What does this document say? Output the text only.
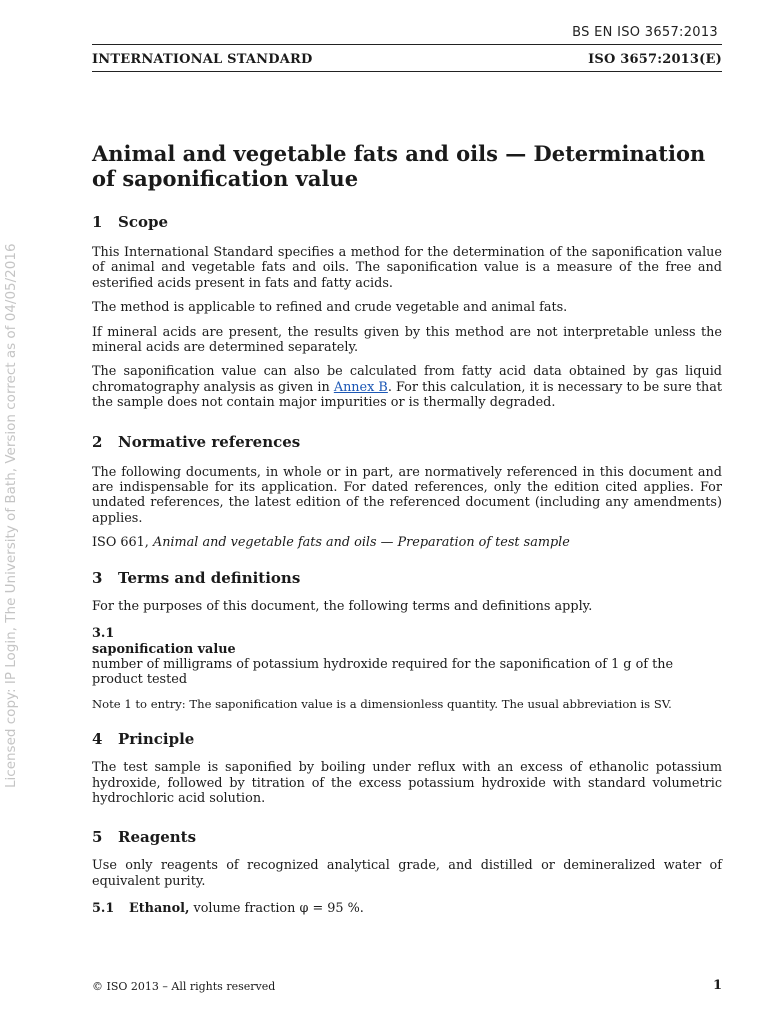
BS EN ISO 3657:2013
INTERNATIONAL STANDARD	ISO 3657:2013(E)
Animal and vegetable fats and oils — Determination of saponification value
1 Scope

This International Standard specifies a method for the determination of the saponification value of animal and vegetable fats and oils. The saponification value is a measure of the free and esterified acids present in fats and fatty acids.

The method is applicable to refined and crude vegetable and animal fats.

If mineral acids are present, the results given by this method are not interpretable unless the mineral acids are determined separately.

The saponification value can also be calculated from fatty acid data obtained by gas liquid chromatography analysis as given in Annex B. For this calculation, it is necessary to be sure that the sample does not contain major impurities or is thermally degraded.

2 Normative references

The following documents, in whole or in part, are normatively referenced in this document and are indispensable for its application. For dated references, only the edition cited applies. For undated references, the latest edition of the referenced document (including any amendments) applies.

ISO 661, Animal and vegetable fats and oils — Preparation of test sample

3 Terms and definitions

For the purposes of this document, the following terms and definitions apply.

3.1
saponification value
number of milligrams of potassium hydroxide required for the saponification of 1 g of the product tested

Note 1 to entry: The saponification value is a dimensionless quantity. The usual abbreviation is SV.

4 Principle

The test sample is saponified by boiling under reflux with an excess of ethanolic potassium hydroxide, followed by titration of the excess potassium hydroxide with standard volumetric hydrochloric acid solution.

5 Reagents

Use only reagents of recognized analytical grade, and distilled or demineralized water of equivalent purity.

5.1 Ethanol, volume fraction φ = 95 %.

© ISO 2013 – All rights reserved	1
Licensed copy: IP Login, The University of Bath, Version correct as of 04/05/2016
